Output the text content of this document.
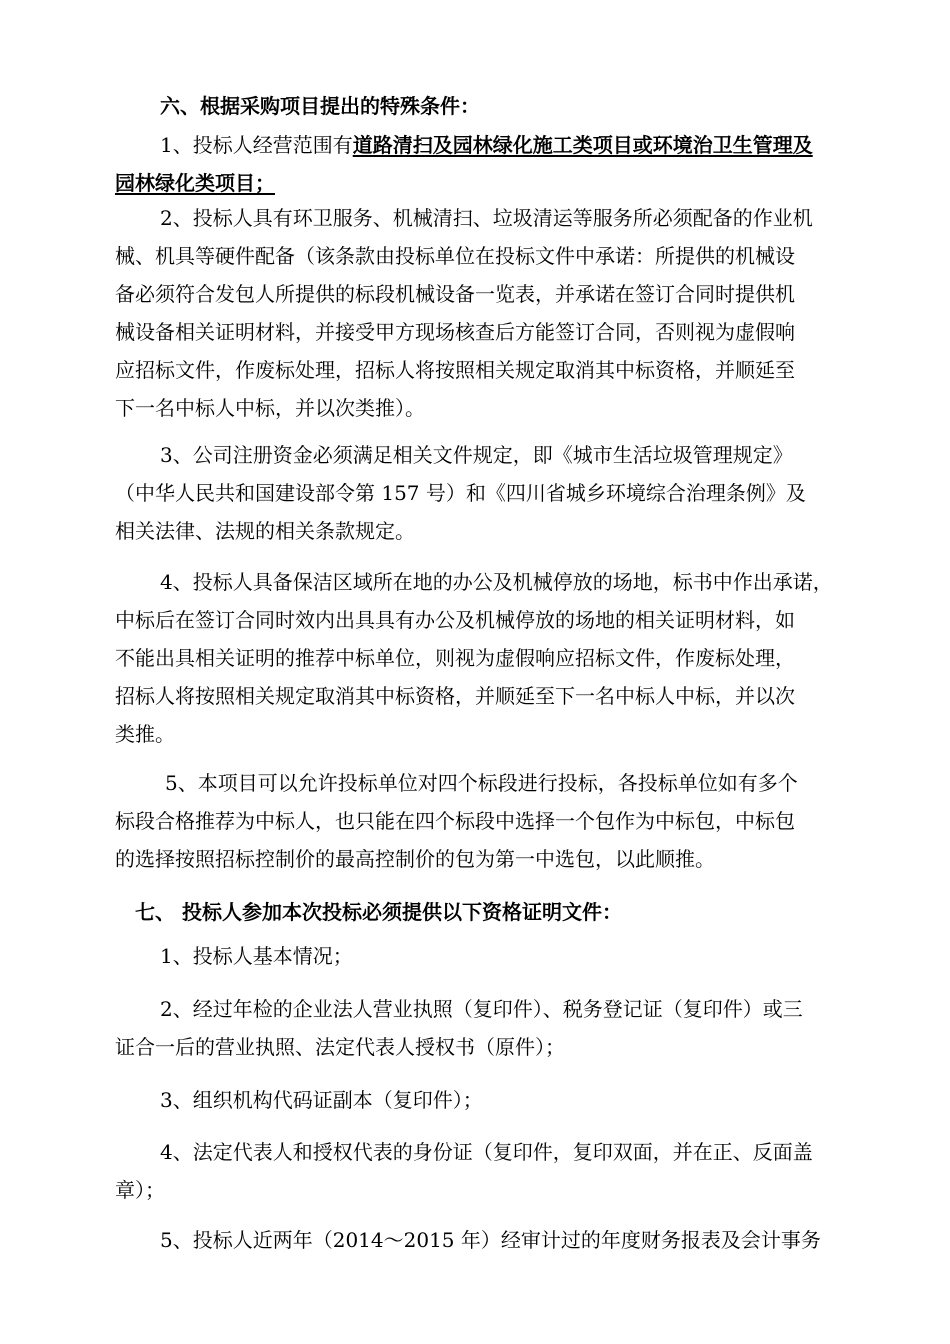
六、根据采购项目提出的特殊条件：
1、投标人经营范围有道路清扫及园林绿化施工类项目或环境治卫生管理及
园林绿化类项目；
2、投标人具有环卫服务、机械清扫、垃圾清运等服务所必须配备的作业机
械、机具等硬件配备（该条款由投标单位在投标文件中承诺：所提供的机械设
备必须符合发包人所提供的标段机械设备一览表，并承诺在签订合同时提供机
械设备相关证明材料，并接受甲方现场核查后方能签订合同，否则视为虚假响
应招标文件，作废标处理，招标人将按照相关规定取消其中标资格，并顺延至
下一名中标人中标，并以次类推）。
3、公司注册资金必须满足相关文件规定，即《城市生活垃圾管理规定》
（中华人民共和国建设部令第 157 号）和《四川省城乡环境综合治理条例》及
相关法律、法规的相关条款规定。
4、投标人具备保洁区域所在地的办公及机械停放的场地，标书中作出承诺，
中标后在签订合同时效内出具具有办公及机械停放的场地的相关证明材料，如
不能出具相关证明的推荐中标单位，则视为虚假响应招标文件，作废标处理，
招标人将按照相关规定取消其中标资格，并顺延至下一名中标人中标，并以次
类推。
5、本项目可以允许投标单位对四个标段进行投标，各投标单位如有多个
标段合格推荐为中标人，也只能在四个标段中选择一个包作为中标包，中标包
的选择按照招标控制价的最高控制价的包为第一中选包，以此顺推。
七、 投标人参加本次投标必须提供以下资格证明文件：
1、投标人基本情况；
2、经过年检的企业法人营业执照（复印件）、税务登记证（复印件）或三
证合一后的营业执照、法定代表人授权书（原件）；
3、组织机构代码证副本（复印件）；
4、法定代表人和授权代表的身份证（复印件，复印双面，并在正、反面盖
章）；
5、投标人近两年（2014～2015 年）经审计过的年度财务报表及会计事务
